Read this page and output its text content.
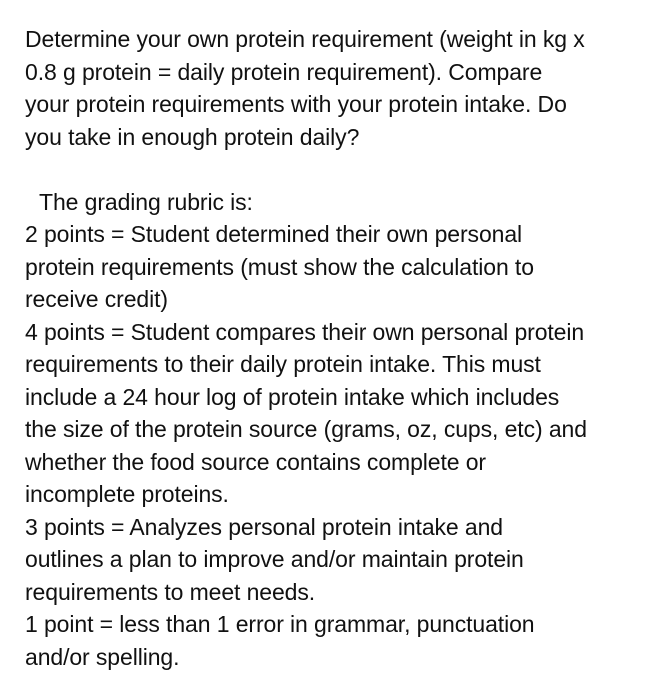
Determine your own protein requirement (weight in kg x
0.8 g protein = daily protein requirement). Compare
your protein requirements with your protein intake. Do
you take in enough protein daily?
The grading rubric is:
2 points = Student determined their own personal
protein requirements (must show the calculation to
receive credit)
4 points = Student compares their own personal protein
requirements to their daily protein intake. This must
include a 24 hour log of protein intake which includes
the size of the protein source (grams, oz, cups, etc) and
whether the food source contains complete or
incomplete proteins.
3 points = Analyzes personal protein intake and
outlines a plan to improve and/or maintain protein
requirements to meet needs.
1 point = less than 1 error in grammar, punctuation
and/or spelling.
